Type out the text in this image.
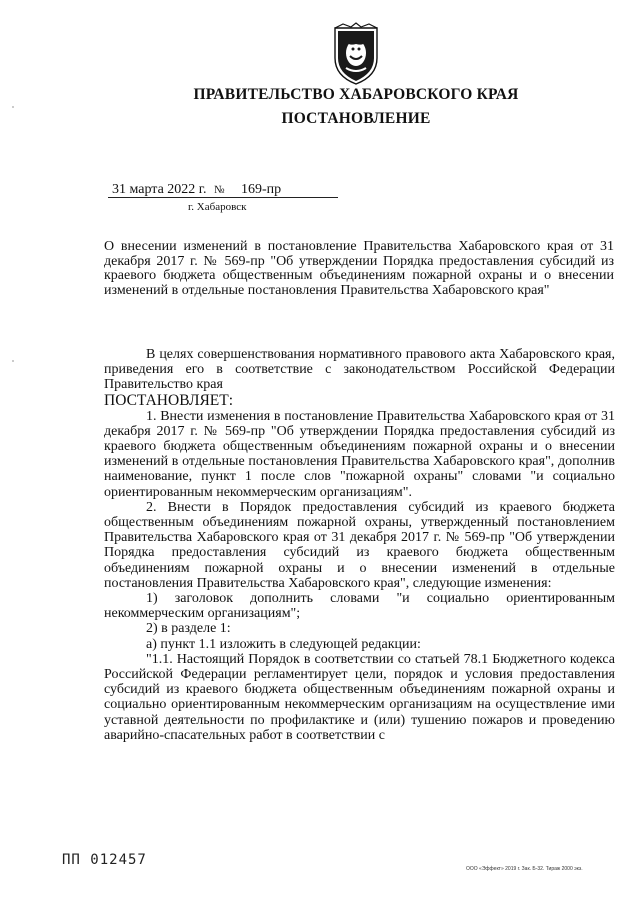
ПРАВИТЕЛЬСТВО ХАБАРОВСКОГО КРАЯ
ПОСТАНОВЛЕНИЕ
31 марта 2022 г. № 169-пр
г. Хабаровск
О внесении изменений в постановление Правительства Хабаровского края от 31 декабря 2017 г. № 569-пр "Об утверждении Порядка предоставления субсидий из краевого бюджета общественным объединениям пожарной охраны и о внесении изменений в отдельные постановления Правительства Хабаровского края"

В целях совершенствования нормативного правового акта Хабаровского края, приведения его в соответствие с законодательством Российской Федерации Правительство края

ПОСТАНОВЛЯЕТ:

1. Внести изменения в постановление Правительства Хабаровского края от 31 декабря 2017 г. № 569-пр "Об утверждении Порядка предоставления субсидий из краевого бюджета общественным объединениям пожарной охраны и о внесении изменений в отдельные постановления Правительства Хабаровского края", дополнив наименование, пункт 1 после слов "пожарной охраны" словами "и социально ориентированным некоммерческим организациям".

2. Внести в Порядок предоставления субсидий из краевого бюджета общественным объединениям пожарной охраны, утвержденный постановлением Правительства Хабаровского края от 31 декабря 2017 г. № 569-пр "Об утверждении Порядка предоставления субсидий из краевого бюджета общественным объединениям пожарной охраны и о внесении изменений в отдельные постановления Правительства Хабаровского края", следующие изменения:

1) заголовок дополнить словами "и социально ориентированным некоммерческим организациям";

2) в разделе 1:

а) пункт 1.1 изложить в следующей редакции:

"1.1. Настоящий Порядок в соответствии со статьей 78.1 Бюджетного кодекса Российской Федерации регламентирует цели, порядок и условия предоставления субсидий из краевого бюджета общественным объединениям пожарной охраны и социально ориентированным некоммерческим организациям на осуществление ими уставной деятельности по профилактике и (или) тушению пожаров и проведению аварийно-спасательных работ в соответствии с

ПП 012457
ООО «Эффект» 2019 г. Зак. Б-32. Тираж 2000 экз.
